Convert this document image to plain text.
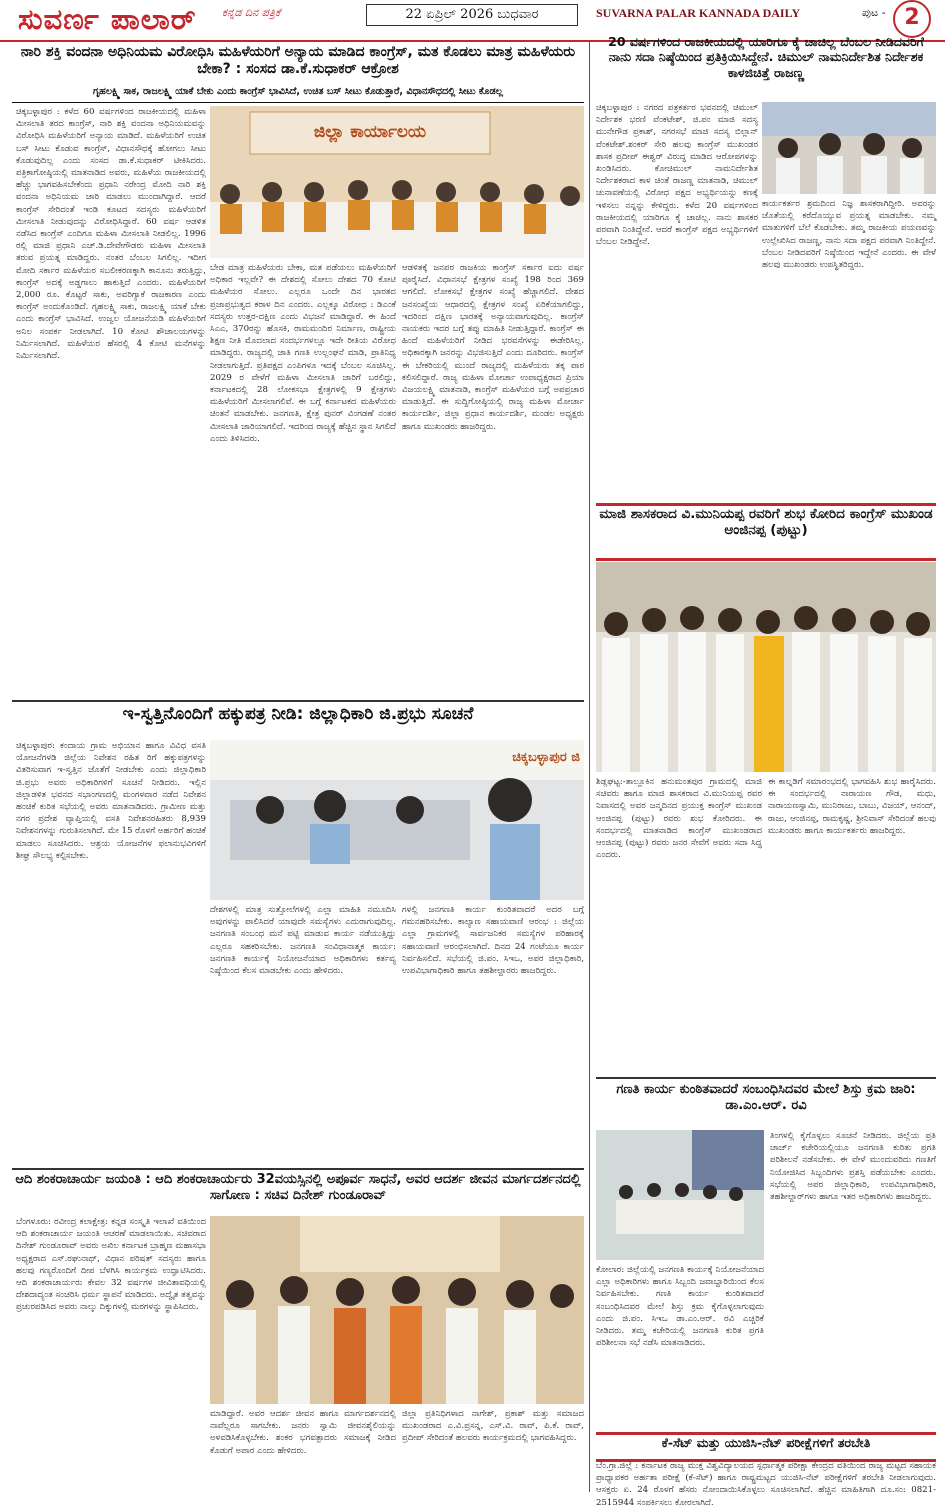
ಸುವರ್ಣ ಪಾಲಾರ್ ಕನ್ನಡ ದಿನ ಪತ್ರಿಕೆ	22 ಏಪ್ರಿಲ್ 2026 ಬುಧವಾರ	SUVARNA PALAR KANNADA DAILY	ಪುಟ - 2
ನಾರಿ ಶಕ್ತಿ ವಂದನಾ ಅಧಿನಿಯಮ ವಿರೋಧಿಸಿ ಮಹಿಳೆಯರಿಗೆ ಅನ್ಯಾಯ ಮಾಡಿದ ಕಾಂಗ್ರೆಸ್, ಮತ ಕೊಡಲು ಮಾತ್ರ ಮಹಿಳೆಯರು ಬೇಕಾ? : ಸಂಸದ ಡಾ.ಕೆ.ಸುಧಾಕರ್ ಆಕ್ರೋಶ
ಗೃಹಲಕ್ಷ್ಮಿ ಸಾಕ, ರಾಜಲಕ್ಷ್ಮಿ ಯಾಕೆ ಬೇಕು ಎಂದು ಕಾಂಗ್ರೆಸ್ ಭಾವಿಸಿದೆ, ಉಚಿತ ಬಸ್ ಸೀಟು ಕೊಡುತ್ತಾರೆ, ವಿಧಾನಸೌಧದಲ್ಲಿ ಸೀಟು ಕೊಡಲ್ಲ
ಚಿಕ್ಕಬಳ್ಳಾಪುರ : ಕಳೆದ 60 ವರ್ಷಗಳಿಂದ ರಾಜಕೀಯದಲ್ಲಿ ಮಹಿಳಾ ಮೀಸಲಾತಿ ತರದ ಕಾಂಗ್ರೆಸ್, ನಾರಿ ಶಕ್ತಿ ವಂದನಾ ಅಧಿನಿಯಮವನ್ನು ವಿರೋಧಿಸಿ ಮಹಿಳೆಯರಿಗೆ ಅನ್ಯಾಯ ಮಾಡಿದೆ. ಮಹಿಳೆಯರಿಗೆ ಉಚಿತ ಬಸ್ ಸೀಟು ಕೊಡುವ ಕಾಂಗ್ರೆಸ್, ವಿಧಾನಸೌಧಕ್ಕೆ ಹೋಗಲು ಸೀಟು ಕೊಡುವುದಿಲ್ಲ ಎಂದು ಸಂಸದ ಡಾ.ಕೆ.ಸುಧಾಕರ್ ಟೀಕಿಸಿದರು. ಪತ್ರಿಕಾಗೋಷ್ಠಿಯಲ್ಲಿ ಮಾತನಾಡಿದ ಅವರು, ಮಹಿಳೆಯ ರಾಜಕೀಯದಲ್ಲಿ ಹೆಚ್ಚು ಭಾಗವಹಿಸಬೇಕೆಂದು ಪ್ರಧಾನಿ ನರೇಂದ್ರ ಮೋದಿ ನಾರಿ ಶಕ್ತಿ ವಂದನಾ ಅಧಿನಿಯಮ ಜಾರಿ ಮಾಡಲು ಮುಂದಾಗಿದ್ದಾರೆ. ಆದರೆ ಕಾಂಗ್ರೆಸ್ ಸೇರಿದಂತೆ ಇಂಡಿ ಕೂಟದ ಸದಸ್ಯರು ಮಹಿಳೆಯರಿಗೆ ಮೀಸಲಾತಿ ನೀಡುವುದನ್ನು ವಿರೋಧಿಸಿದ್ದಾರೆ. 60 ವರ್ಷ ಆಡಳಿತ ನಡೆಸಿದ ಕಾಂಗ್ರೆಸ್ ಎಂದಿಗೂ ಮಹಿಳಾ ಮೀಸಲಾತಿ ನೀಡಲಿಲ್ಲ. 1996 ರಲ್ಲಿ ಮಾಜಿ ಪ್ರಧಾನಿ ಎಚ್.ಡಿ.ದೇವೇಗೌಡರು ಮಹಿಳಾ ಮೀಸಲಾತಿ ತರುವ ಪ್ರಯತ್ನ ಮಾಡಿದ್ದರು. ನಂತರ ಬೆಂಬಲ ಸಿಗಲಿಲ್ಲ. ಇದೀಗ ಮೋದಿ ಸರ್ಕಾರ ಮಹಿಳೆಯರ ಸಬಲೀಕರಣಕ್ಕಾಗಿ ಕಾನೂನು ತರುತ್ತಿದ್ದು, ಕಾಂಗ್ರೆಸ್ ಅದಕ್ಕೆ ಅಡ್ಡಗಾಲು ಹಾಕುತ್ತಿದೆ ಎಂದರು. ಮಹಿಳೆಯರಿಗೆ 2,000 ರೂ. ಕೊಟ್ಟರೆ ಸಾಕು, ಅವರಿಗ್ಯಾಕೆ ರಾಜಕಾರಣ ಎಂದು ಕಾಂಗ್ರೆಸ್ ಅಂದುಕೊಂಡಿದೆ. ಗೃಹಲಕ್ಷ್ಮಿ ಸಾಕು, ರಾಜಲಕ್ಷ್ಮಿ ಯಾಕೆ ಬೇಕು ಎಂದು ಕಾಂಗ್ರೆಸ್ ಭಾವಿಸಿದೆ. ಉಜ್ವಲ ಯೋಜನೆಯಡಿ ಮಹಿಳೆಯರಿಗೆ ಅನಿಲ ಸಂಪರ್ಕ ನೀಡಲಾಗಿದೆ. 10 ಕೋಟಿ ಶೌಚಾಲಯಗಳನ್ನು ನಿರ್ಮಿಸಲಾಗಿದೆ. ಮಹಿಳೆಯರ ಹೆಸರಲ್ಲಿ 4 ಕೋಟಿ ಮನೆಗಳನ್ನು ನಿರ್ಮಿಸಲಾಗಿದೆ.
ಜಿಲ್ಲಾ ಕಾರ್ಯಾಲಯ
ಬೇಡ ಮಾತ್ರ ಮಹಿಳೆಯರು ಬೇಕಾ, ಮತ ಪಡೆಯಲು ಮಹಿಳೆಯರಿಗೆ ಅಧಿಕಾರ ಇಲ್ಲವೇ? ಈ ದೇಶದಲ್ಲಿ ಸೋಲು ದೇಶದ 70 ಕೋಟಿ ಮಹಿಳೆಯರ ಸೋಲು. ಎಲ್ಲರೂ ಒಂದೇ ದಿನ ಭಾರತದ ಪ್ರಜಾಪ್ರಭುತ್ವದ ಕರಾಳ ದಿನ ಎಂದರು. ಎಲ್ಲಕ್ಕೂ ವಿರೋಧ : ಡಿಎಂಕೆ ಸದಸ್ಯರು ಉತ್ತರ-ದಕ್ಷಿಣ ಎಂದು ವಿಭಜನೆ ಮಾಡಿದ್ದಾರೆ. ಈ ಹಿಂದೆ ಸಿಎಎ, 370ರನ್ನು ಹೊಸಕಿ, ರಾಮಮಂದಿರ ನಿರ್ಮಾಣ, ರಾಷ್ಟ್ರೀಯ ಶಿಕ್ಷಣ ನೀತಿ ಮೊದಲಾದ ಸಂದರ್ಭಗಳಲ್ಲೂ ಇದೇ ರೀತಿಯ ವಿರೋಧ ಮಾಡಿದ್ದರು. ರಾಜ್ಯದಲ್ಲಿ ಜಾತಿ ಗಣತಿ ಉಲ್ಲಂಘನೆ ಮಾಡಿ, ಪ್ರಾತಿನಿಧ್ಯ ನೀಡಲಾಗುತ್ತಿದೆ. ಪ್ರತಿಪಕ್ಷದ ಎಂಪಿಗಳೂ ಇದಕ್ಕೆ ಬೆಂಬಲ ಸೂಚಿಸಿಲ್ಲ. 2029 ರ ವೇಳೆಗೆ ಮಹಿಳಾ ಮೀಸಲಾತಿ ಜಾರಿಗೆ ಬರಲಿದ್ದು, ಕರ್ನಾಟಕದಲ್ಲಿ 28 ಲೋಕಸಭಾ ಕ್ಷೇತ್ರಗಳಲ್ಲಿ 9 ಕ್ಷೇತ್ರಗಳು ಮಹಿಳೆಯರಿಗೆ ಮೀಸಲಾಗಲಿವೆ. ಈ ಬಗ್ಗೆ ಕರ್ನಾಟಕದ ಮಹಿಳೆಯರು ಚಿಂತನೆ ಮಾಡಬೇಕು. ಜನಗಣತಿ, ಕ್ಷೇತ್ರ ಪುನರ್ ವಿಂಗಡಣೆ ನಂತರ ಮೀಸಲಾತಿ ಜಾರಿಯಾಗಲಿದೆ. ಇದರಿಂದ ರಾಜ್ಯಕ್ಕೆ ಹೆಚ್ಚಿನ ಸ್ಥಾನ ಸಿಗಲಿದೆ ಎಂದು ತಿಳಿಸಿದರು.
ಆಡಳಿತಕ್ಕೆ ಜನಪರ ರಾಜಕಿಯ ಕಾಂಗ್ರೆಸ್ ಸರ್ಕಾರ ಐದು ವರ್ಷ ಪೂರೈಸಿದೆ. ವಿಧಾನಸಭೆ ಕ್ಷೇತ್ರಗಳ ಸಂಖ್ಯೆ 198 ರಿಂದ 369 ಆಗಲಿದೆ. ಲೋಕಸಭೆ ಕ್ಷೇತ್ರಗಳ ಸಂಖ್ಯೆ ಹೆಚ್ಚಾಗಲಿದೆ. ದೇಶದ ಜನಸಂಖ್ಯೆಯ ಆಧಾರದಲ್ಲಿ ಕ್ಷೇತ್ರಗಳ ಸಂಖ್ಯೆ ಏರಿಕೆಯಾಗಲಿದ್ದು, ಇದರಿಂದ ದಕ್ಷಿಣ ಭಾರತಕ್ಕೆ ಅನ್ಯಾಯವಾಗುವುದಿಲ್ಲ. ಕಾಂಗ್ರೆಸ್ ನಾಯಕರು ಇದರ ಬಗ್ಗೆ ತಪ್ಪು ಮಾಹಿತಿ ನೀಡುತ್ತಿದ್ದಾರೆ. ಕಾಂಗ್ರೆಸ್ ಈ ಹಿಂದೆ ಮಹಿಳೆಯರಿಗೆ ನೀಡಿದ ಭರವಸೆಗಳನ್ನು ಈಡೇರಿಸಿಲ್ಲ. ಅಧಿಕಾರಕ್ಕಾಗಿ ಜನರನ್ನು ವಿಭಜಿಸುತ್ತಿದೆ ಎಂದು ದೂರಿದರು. ಕಾಂಗ್ರೆಸ್ ಈ ಬೇಕರಿಯಲ್ಲಿ ಮುಂದೆ ರಾಜ್ಯದಲ್ಲಿ ಮಹಿಳೆಯರು ತಕ್ಕ ಪಾಠ ಕಲಿಸಲಿದ್ದಾರೆ. ರಾಜ್ಯ ಮಹಿಳಾ ಮೋರ್ಚಾ ಉಪಾಧ್ಯಕ್ಷರಾದ ಪ್ರಿಯಾ ವಿಜಯಲಕ್ಷ್ಮಿ ಮಾತನಾಡಿ, ಕಾಂಗ್ರೆಸ್ ಮಹಿಳೆಯರ ಬಗ್ಗೆ ಅಪಪ್ರಚಾರ ಮಾಡುತ್ತಿದೆ. ಈ ಸುದ್ದಿಗೋಷ್ಠಿಯಲ್ಲಿ ರಾಜ್ಯ ಮಹಿಳಾ ಮೋರ್ಚಾ ಕಾರ್ಯದರ್ಶಿ, ಜಿಲ್ಲಾ ಪ್ರಧಾನ ಕಾರ್ಯದರ್ಶಿ, ಮಂಡಲ ಅಧ್ಯಕ್ಷರು ಹಾಗೂ ಮುಖಂಡರು ಹಾಜರಿದ್ದರು.
20 ವರ್ಷಗಳಿಂದ ರಾಜಕೀಯದಲ್ಲಿ ಯಾರಿಗೂ ಕೈ ಚಾಚಿಲ್ಲ ಬೆಂಬಲ ನೀಡಿದವರಿಗೆ ನಾನು ಸದಾ ನಿಷ್ಠೆಯಿಂದ ಪ್ರತಿಕ್ರಿಯಿಸಿದ್ದೇನೆ. ಚಿಮುಲ್ ನಾಮನಿರ್ದೇಶಿತ ನಿರ್ದೇಶಕ ಕಾಳಜಿಚಿತ್ತೆ ರಾಜಣ್ಣ
ಚಿಕ್ಕಬಳ್ಳಾಪುರ : ನಗರದ ಪತ್ರಕರ್ತರ ಭವನದಲ್ಲಿ ಚಿಮುಲ್ ನಿರ್ದೇಶಕ ಭರಣಿ ವೆಂಕಟೇಶ್, ಜಿ.ಪಂ ಮಾಜಿ ಸದಸ್ಯ ಮುನೇಗೌಡ ಪ್ರಕಾಶ್, ನಗರಸಭೆ ಮಾಜಿ ಸದಸ್ಯ ಬಿಲ್ಲಾನ್ ವೆಂಕಟೇಶ್.ಶಂಕರ್ ಸೇರಿ ಹಲವು ಕಾಂಗ್ರೆಸ್ ಮುಖಂಡರ ಶಾಸಕ ಪ್ರದೀಪ್ ಈಶ್ವರ್ ವಿರುದ್ಧ ಮಾಡಿದ ಆರೋಪಗಳನ್ನು ಖಂಡಿಸಿದರು. ಕೋಚಿಮುಲ್ ನಾಮನಿರ್ದೇಶಿತ ನಿರ್ದೇಶಕರಾದ ಕಾಳ ಚಿಂತೆ ರಾಜಣ್ಣ ಮಾತನಾಡಿ, ಚಿಮುಲ್ ಚುನಾವಣೆಯಲ್ಲಿ ವಿರೋಧ ಪಕ್ಷದ ಅಭ್ಯರ್ಥಿಯನ್ನು ಕಣಕ್ಕೆ ಇಳಿಸಲು ನನ್ನನ್ನು ಕೇಳಿದ್ದರು. ಕಳೆದ 20 ವರ್ಷಗಳಿಂದ ರಾಜಕೀಯದಲ್ಲಿ ಯಾರಿಗೂ ಕೈ ಚಾಚಿಲ್ಲ. ನಾನು ಶಾಸಕರ ಪರವಾಗಿ ನಿಂತಿದ್ದೇನೆ. ಆದರೆ ಕಾಂಗ್ರೆಸ್ ಪಕ್ಷದ ಅಭ್ಯರ್ಥಿಗಳಿಗೆ ಬೆಂಬಲ ನೀಡಿದ್ದೇನೆ.
ಕಾರ್ಯಕರ್ತರ ಶ್ರಮದಿಂದ ನಿಜ್ಞ ಶಾಸಕರಾಗಿದ್ದೀರಿ. ಅವರನ್ನು ಜೊತೆಯಲ್ಲಿ ಕರೆದೊಯ್ಯುವ ಪ್ರಯತ್ನ ಮಾಡಬೇಕು. ನಮ್ಮ ಮಾತುಗಳಿಗೆ ಬೆಲೆ ಕೊಡಬೇಕು. ತಮ್ಮ ರಾಜಕೀಯ ಪಯಣವನ್ನು ಉಲ್ಲೇಖಿಸಿದ ರಾಜಣ್ಣ, ನಾನು ಸದಾ ಪಕ್ಷದ ಪರವಾಗಿ ನಿಂತಿದ್ದೇನೆ. ಬೆಂಬಲ ನೀಡಿದವರಿಗೆ ನಿಷ್ಠೆಯಿಂದ ಇದ್ದೇನೆ ಎಂದರು. ಈ ವೇಳೆ ಹಲವು ಮುಖಂಡರು ಉಪಸ್ಥಿತರಿದ್ದರು.
ಮಾಜಿ ಶಾಸಕರಾದ ವಿ.ಮುನಿಯಪ್ಪ ರವರಿಗೆ ಶುಭ ಕೋರಿದ ಕಾಂಗ್ರೆಸ್ ಮುಖಂಡ ಆಂಜಿನಪ್ಪ (ಪುಟ್ಟು)
ಶಿಡ್ಲಘಟ್ಟ:-ತಾಲ್ಲೂಕಿನ ಹನುಮಂತಪುರ ಗ್ರಾಮದಲ್ಲಿ ಮಾಜಿ ಸಚಿವರು ಹಾಗೂ ಮಾಜಿ ಶಾಸಕರಾದ ವಿ.ಮುನಿಯಪ್ಪ ರವರ ನಿವಾಸದಲ್ಲಿ ಅವರ ಜನ್ಮದಿನದ ಪ್ರಯುಕ್ತ ಕಾಂಗ್ರೆಸ್ ಮುಖಂಡ ಆಂಜಿನಪ್ಪ (ಪುಟ್ಟು) ರವರು ಶುಭ ಕೋರಿದರು. ಈ ಸಂದರ್ಭದಲ್ಲಿ ಮಾತನಾಡಿದ ಕಾಂಗ್ರೆಸ್ ಮುಖಂಡರಾದ ಆಂಜಿನಪ್ಪ (ಪುಟ್ಟು) ರವರು ಜನರ ಸೇವೆಗೆ ಅವರು ಸದಾ ಸಿದ್ಧ ಎಂದರು.
ಈ ಕಾಲ್ನಡಿಗೆ ಸಮಾರಂಭದಲ್ಲಿ ಭಾಗವಹಿಸಿ ಶುಭ ಹಾರೈಸಿದರು. ಈ ಸಂದರ್ಭದಲ್ಲಿ ನಾರಾಯಣ ಗೌಡ, ಮಧು, ನಾರಾಯಣಸ್ವಾಮಿ, ಮುನಿರಾಜು, ಬಾಬು, ವಿಜಯ್, ಆನಂದ್, ರಾಜು, ಆಂಜಿನಪ್ಪ, ರಾಮಕೃಷ್ಣ, ಶ್ರೀನಿವಾಸ್ ಸೇರಿದಂತೆ ಹಲವು ಮುಖಂಡರು ಹಾಗೂ ಕಾರ್ಯಕರ್ತರು ಹಾಜರಿದ್ದರು.
ಗಣತಿ ಕಾರ್ಯ ಕುಂಠಿತವಾದರೆ ಸಂಬಂಧಿಸಿದವರ ಮೇಲೆ ಶಿಸ್ತು ಕ್ರಮ ಜಾರಿ: ಡಾ.ಎಂ.ಆರ್. ರವಿ
ಕೋಲಾರ: ಜಿಲ್ಲೆಯಲ್ಲಿ ಜನಗಣತಿ ಕಾರ್ಯಕ್ಕೆ ನಿಯೋಜನೆಯಾದ ಎಲ್ಲಾ ಅಧಿಕಾರಿಗಳು ಹಾಗೂ ಸಿಬ್ಬಂದಿ ಜವಾಬ್ದಾರಿಯಿಂದ ಕೆಲಸ ನಿರ್ವಹಿಸಬೇಕು. ಗಣತಿ ಕಾರ್ಯ ಕುಂಠಿತವಾದರೆ ಸಂಬಂಧಿಸಿದವರ ಮೇಲೆ ಶಿಸ್ತು ಕ್ರಮ ಕೈಗೊಳ್ಳಲಾಗುವುದು ಎಂದು ಜಿ.ಪಂ. ಸಿಇಒ ಡಾ.ಎಂ.ಆರ್. ರವಿ ಎಚ್ಚರಿಕೆ ನೀಡಿದರು. ತಮ್ಮ ಕಚೇರಿಯಲ್ಲಿ ಜನಗಣತಿ ಕುರಿತ ಪ್ರಗತಿ ಪರಿಶೀಲನಾ ಸಭೆ ನಡೆಸಿ ಮಾತನಾಡಿದರು.
ತಿಂಗಳಲ್ಲಿ ಕೈಗೊಳ್ಳಲು ಸೂಚನೆ ನೀಡಿದರು. ಜಿಲ್ಲೆಯ ಪ್ರತಿ ಚಾರ್ಜ್ ಕಚೇರಿಯಲ್ಲಿಯೂ ಜನಗಣತಿ ಕುರಿತು ಪ್ರಗತಿ ಪರಿಶೀಲನೆ ನಡೆಸಬೇಕು. ಈ ವೇಳೆ ಮುಂದುವರಿದು ಗಣತಿಗೆ ನಿಯೋಜಿಸಿದ ಸಿಬ್ಬಂದಿಗಳು ಪ್ರಶಸ್ತಿ ಪಡೆಯಬೇಕು ಎಂದರು. ಸಭೆಯಲ್ಲಿ ಅಪರ ಜಿಲ್ಲಾಧಿಕಾರಿ, ಉಪವಿಭಾಗಾಧಿಕಾರಿ, ತಹಶೀಲ್ದಾರ್‌ಗಳು ಹಾಗೂ ಇತರ ಅಧಿಕಾರಿಗಳು ಹಾಜರಿದ್ದರು.
ಕೆ-ಸೆಟ್ ಮತ್ತು ಯುಜಿಸಿ-ನೆಟ್ ಪರೀಕ್ಷೆಗಳಿಗೆ ತರಬೇತಿ
ಬೆಂ.ಗ್ರಾ.ಜಿಲ್ಲೆ : ಕರ್ನಾಟಕ ರಾಜ್ಯ ಮುಕ್ತ ವಿಶ್ವವಿದ್ಯಾಲಯದ ಸ್ಪರ್ಧಾತ್ಮಕ ಪರೀಕ್ಷಾ ಕೇಂದ್ರದ ವತಿಯಿಂದ ರಾಜ್ಯ ಮಟ್ಟದ ಸಹಾಯಕ ಪ್ರಾಧ್ಯಾಪಕರ ಅರ್ಹತಾ ಪರೀಕ್ಷೆ (ಕೆ-ಸೆಟ್) ಹಾಗೂ ರಾಷ್ಟ್ರಮಟ್ಟದ ಯುಜಿಸಿ-ನೆಟ್ ಪರೀಕ್ಷೆಗಳಿಗೆ ತರಬೇತಿ ನೀಡಲಾಗುವುದು. ಆಸಕ್ತರು ಏ. 24 ರೊಳಗೆ ಹೆಸರು ನೋಂದಾಯಿಸಿಕೊಳ್ಳಲು ಸೂಚಿಸಲಾಗಿದೆ. ಹೆಚ್ಚಿನ ಮಾಹಿತಿಗಾಗಿ ದೂ.ಸಂ: 0821-2515944 ಸಂಪರ್ಕಿಸಲು ಕೋರಲಾಗಿದೆ.
ಇ-ಸ್ವತ್ತಿನೊಂದಿಗೆ ಹಕ್ಕುಪತ್ರ ನೀಡಿ: ಜಿಲ್ಲಾಧಿಕಾರಿ ಜಿ.ಪ್ರಭು ಸೂಚನೆ
ಚಿಕ್ಕಬಳ್ಳಾಪುರ: ಕಂದಾಯ ಗ್ರಾಮ ಅಭಿಯಾನ ಹಾಗೂ ವಿವಿಧ ವಸತಿ ಯೋಜನೆಗಳಡಿ ಜಿಲ್ಲೆಯ ನಿವೇಶನ ರಹಿತ ರಿಗೆ ಹಕ್ಕುಪತ್ರಗಳನ್ನು ವಿತರಿಸುವಾಗ ಇ-ಸ್ವತ್ತಿನ ಜೊತೆಗೆ ನೀಡಬೇಕು ಎಂದು ಜಿಲ್ಲಾಧಿಕಾರಿ ಜಿ.ಪ್ರಭು ಅವರು ಅಧಿಕಾರಿಗಳಿಗೆ ಸೂಚನೆ ನೀಡಿದರು. ಇಲ್ಲಿನ ಜಿಲ್ಲಾಡಳಿತ ಭವನದ ಸಭಾಂಗಣದಲ್ಲಿ ಮಂಗಳವಾರ ನಡೆದ ನಿವೇಶನ ಹಂಚಿಕೆ ಕುರಿತ ಸಭೆಯಲ್ಲಿ ಅವರು ಮಾತನಾಡಿದರು. ಗ್ರಾಮೀಣ ಮತ್ತು ನಗರ ಪ್ರದೇಶ ವ್ಯಾಪ್ತಿಯಲ್ಲಿ ವಸತಿ ನಿವೇಶನರಹಿತರು 8,939 ನಿವೇಶನಗಳನ್ನು ಗುರುತಿಸಲಾಗಿದೆ. ಮೇ 15 ರೊಳಗೆ ಅರ್ಹರಿಗೆ ಹಂಚಿಕೆ ಮಾಡಲು ಸೂಚಿಸಿದರು. ಆಶ್ರಯ ಯೋಜನೆಗಳ ಫಲಾನುಭವಿಗಳಿಗೆ ಶೀಘ್ರ ಸೌಲಭ್ಯ ಕಲ್ಪಿಸಬೇಕು.
ಚಿಕ್ಕಬಳ್ಳಾಪುರ ಜಿ
ದೇಶಗಳಲ್ಲಿ ಮಾತ್ರ ಸುತ್ತೋಲೆಗಳಲ್ಲಿ ಎಲ್ಲಾ ಮಾಹಿತಿ ನಮೂದಿಸಿ ಅವುಗಳನ್ನು ಪಾಲಿಸಿದರೆ ಯಾವುದೇ ಸಮಸ್ಯೆಗಳು ಎದುರಾಗುವುದಿಲ್ಲ. ಜನಗಣತಿ ಸಂಬಂಧ ಮನೆ ಪಟ್ಟಿ ಮಾಡುವ ಕಾರ್ಯ ನಡೆಯುತ್ತಿದ್ದು ಎಲ್ಲರೂ ಸಹಕರಿಸಬೇಕು. ಜನಗಣತಿ ಸಂವಿಧಾನಾತ್ಮಕ ಕಾರ್ಯ: ಜನಗಣತಿ ಕಾರ್ಯಕ್ಕೆ ನಿಯೋಜನೆಯಾದ ಅಧಿಕಾರಿಗಳು ಕರ್ತವ್ಯ ನಿಷ್ಠೆಯಿಂದ ಕೆಲಸ ಮಾಡಬೇಕು ಎಂದು ಹೇಳಿದರು.
ಗಳಲ್ಲಿ ಜನಗಣತಿ ಕಾರ್ಯ ಕುಂಠಿತವಾದರೆ ಅದರ ಬಗ್ಗೆ ಗಮನಹರಿಸಬೇಕು. ಕಾಲ್ಯಾಣ ಸಹಾಯವಾಣಿ ಆರಂಭ : ಜಿಲ್ಲೆಯ ಎಲ್ಲಾ ಗ್ರಾಮಗಳಲ್ಲಿ ಸಾರ್ವಜನಿಕರ ಸಮಸ್ಯೆಗಳ ಪರಿಹಾರಕ್ಕೆ ಸಹಾಯವಾಣಿ ಆರಂಭಿಸಲಾಗಿದೆ. ದಿನದ 24 ಗಂಟೆಯೂ ಕಾರ್ಯ ನಿರ್ವಹಿಸಲಿದೆ. ಸಭೆಯಲ್ಲಿ ಜಿ.ಪಂ. ಸಿಇಒ, ಅಪರ ಜಿಲ್ಲಾಧಿಕಾರಿ, ಉಪವಿಭಾಗಾಧಿಕಾರಿ ಹಾಗೂ ತಹಶೀಲ್ದಾರರು ಹಾಜರಿದ್ದರು.
ಆದಿ ಶಂಕರಾಚಾರ್ಯ ಜಯಂತಿ : ಆದಿ ಶಂಕರಾಚಾರ್ಯರು 32ವಯಸ್ಸಿನಲ್ಲಿ ಅಪೂರ್ವ ಸಾಧನೆ, ಅವರ ಆದರ್ಶ ಜೀವನ ಮಾರ್ಗದರ್ಶನದಲ್ಲಿ ಸಾಗೋಣ : ಸಚಿವ ದಿನೇಶ್ ಗುಂಡೂರಾವ್
ಬೆಂಗಳೂರು: ರವೀಂದ್ರ ಕಲಾಕ್ಷೇತ್ರ: ಕನ್ನಡ ಸಂಸ್ಕೃತಿ ಇಲಾಖೆ ವತಿಯಿಂದ ಆದಿ ಶಂಕರಾಚಾರ್ಯ ಜಯಂತಿ ಆಚರಣೆ ಮಾಡಲಾಯಿತು. ಸಚಿವರಾದ ದಿನೇಶ್ ಗುಂಡೂರಾವ್ ಅವರು ಅಖಿಲ ಕರ್ನಾಟಕ ಬ್ರಾಹ್ಮಣ ಮಹಾಸಭಾ ಅಧ್ಯಕ್ಷರಾದ ಎಸ್.ರಘುನಾಥ್, ವಿಧಾನ ಪರಿಷತ್ ಸದಸ್ಯರು ಹಾಗೂ ಹಲವು ಗಣ್ಯರೊಂದಿಗೆ ದೀಪ ಬೆಳಗಿಸಿ ಕಾರ್ಯಕ್ರಮ ಉದ್ಘಾಟಿಸಿದರು. ಆದಿ ಶಂಕರಾಚಾರ್ಯರು ಕೇವಲ 32 ವರ್ಷಗಳ ಜೀವಿತಾವಧಿಯಲ್ಲಿ ದೇಶದಾದ್ಯಂತ ಸಂಚರಿಸಿ ಧರ್ಮ ಸ್ಥಾಪನೆ ಮಾಡಿದರು. ಅದ್ವೈತ ತತ್ವವನ್ನು ಪ್ರಚುರಪಡಿಸಿದ ಅವರು ನಾಲ್ಕು ದಿಕ್ಕುಗಳಲ್ಲಿ ಮಠಗಳನ್ನು ಸ್ಥಾಪಿಸಿದರು.
ಮಾಡಿದ್ದಾರೆ. ಅವರ ಆದರ್ಶ ಜೀವನ ಹಾಗೂ ಮಾರ್ಗದರ್ಶನದಲ್ಲಿ ನಾವೆಲ್ಲರೂ ಸಾಗಬೇಕು. ಜನರು ಸ್ವಾಮಿ ಜೀವನಶೈಲಿಯನ್ನು ಅಳವಡಿಸಿಕೊಳ್ಳಬೇಕು. ಶಂಕರ ಭಗವತ್ಪಾದರು ಸಮಾಜಕ್ಕೆ ನೀಡಿದ ಕೊಡುಗೆ ಅಪಾರ ಎಂದು ಹೇಳಿದರು.
ಜಿಲ್ಲಾ ಪ್ರತಿನಿಧಿಗಳಾದ ನಾಗೇಶ್, ಪ್ರಕಾಶ್ ಮತ್ತು ಸಮಾಜದ ಮುಖಂಡರಾದ ಎ.ವಿ.ಪ್ರಸನ್ನ, ಎಸ್.ವಿ. ರಾವ್, ಪಿ.ಕೆ. ರಾವ್, ಪ್ರದೀಪ್ ಸೇರಿದಂತೆ ಹಲವರು ಕಾರ್ಯಕ್ರಮದಲ್ಲಿ ಭಾಗವಹಿಸಿದ್ದರು.
